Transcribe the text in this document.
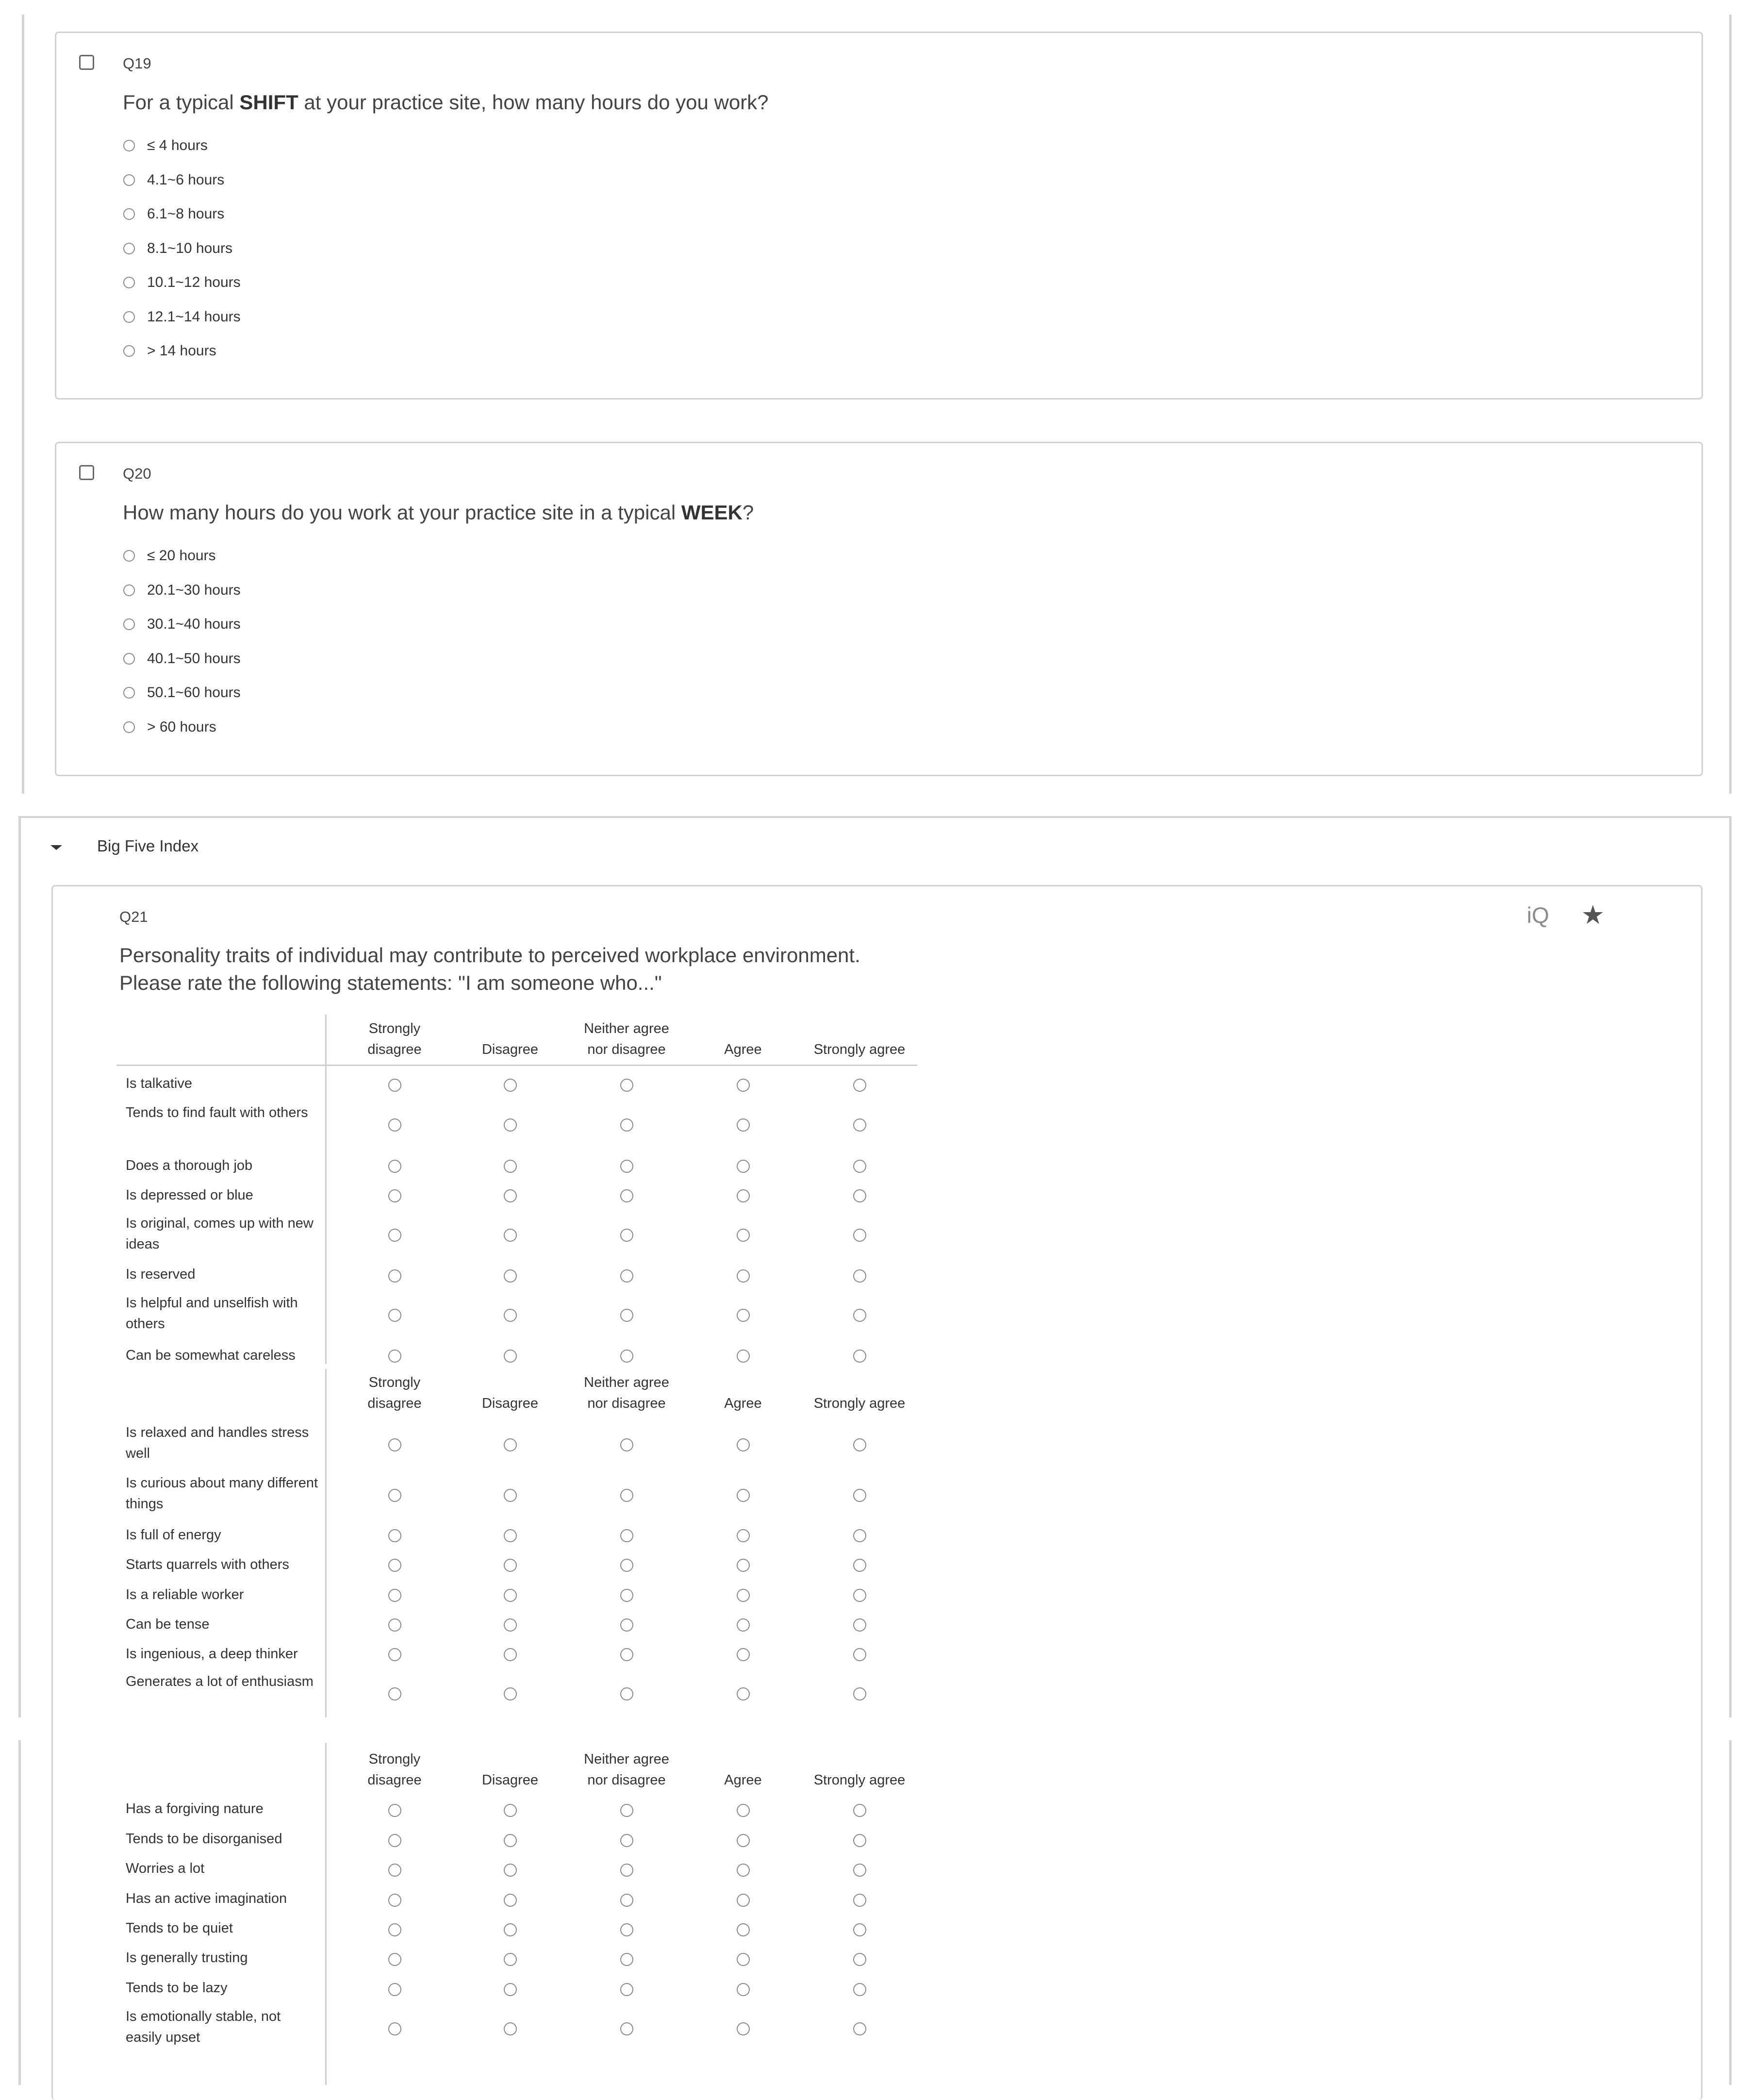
Q19
For a typical SHIFT at your practice site, how many hours do you work?
≤ 4 hours
4.1~6 hours
6.1~8 hours
8.1~10 hours
10.1~12 hours
12.1~14 hours
> 14 hours
Q20
How many hours do you work at your practice site in a typical WEEK?
≤ 20 hours
20.1~30 hours
30.1~40 hours
40.1~50 hours
50.1~60 hours
> 60 hours
Big Five Index
Q21	iQ ★
Personality traits of individual may contribute to perceived workplace environment.
Please rate the following statements: "I am someone who..."
Strongly
disagree	Disagree
Neither agree
nor disagree	Agree	Strongly agree
Is talkative
Tends to find fault with others
Does a thorough job
Is depressed or blue
Is original, comes up with new ideas
Is reserved
Is helpful and unselfish with others
Can be somewhat careless
Strongly
disagree	Disagree
Neither agree
nor disagree	Agree	Strongly agree
Is relaxed and handles stress well
Is curious about many different things
Is full of energy
Starts quarrels with others
Is a reliable worker
Can be tense
Is ingenious, a deep thinker
Generates a lot of enthusiasm
Strongly
disagree	Disagree
Neither agree
nor disagree	Agree	Strongly agree
Has a forgiving nature
Tends to be disorganised
Worries a lot
Has an active imagination
Tends to be quiet
Is generally trusting
Tends to be lazy
Is emotionally stable, not easily upset
